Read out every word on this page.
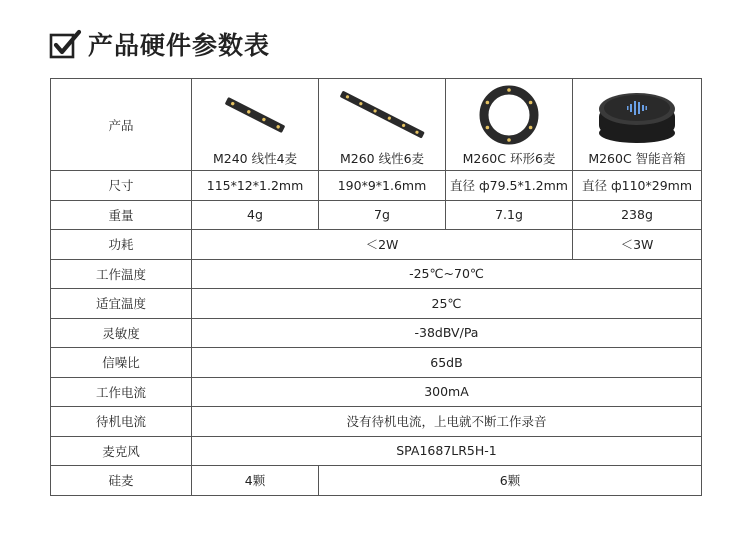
产品硬件参数表
产品	M240 线性4麦	M260 线性6麦	M260C 环形6麦	M260C 智能音箱

尺寸	115*12*1.2mm	190*9*1.6mm	直径 ф79.5*1.2mm	直径 ф110*29mm
重量	4g	7g	7.1g	238g
功耗	＜2W			＜3W
工作温度	-25℃~70℃			
适宜温度	25℃			
灵敏度	-38dBV/Pa			
信噪比	65dB			
工作电流	300mA			
待机电流	没有待机电流，上电就不断工作录音			
麦克风	SPA1687LR5H-1			
硅麦	4颗	6颗		
